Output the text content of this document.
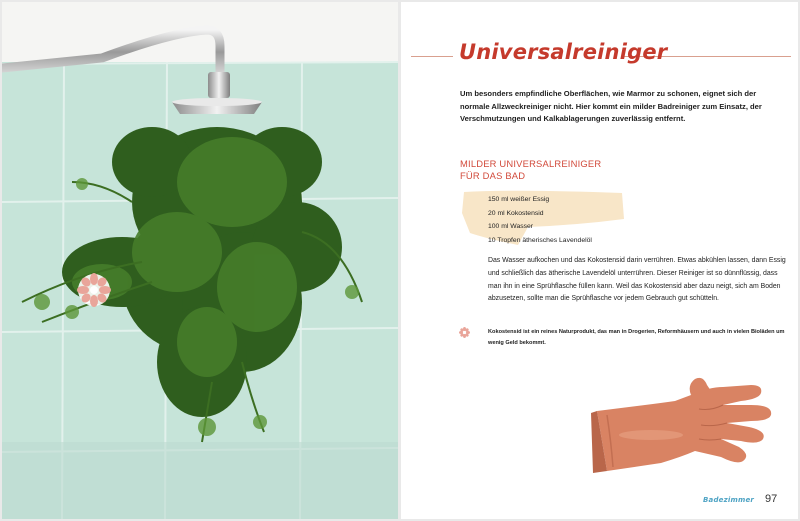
Universalreiniger

Um besonders empfindliche Oberflächen, wie Marmor zu schonen, eignet sich der normale Allzweckreiniger nicht. Hier kommt ein milder Badreiniger zum Einsatz, der Verschmutzungen und Kalkablagerungen zuverlässig entfernt.

MILDER UNIVERSALREINIGER
FÜR DAS BAD
150 ml weißer Essig
20 ml Kokostensid
100 ml Wasser
10 Tropfen ätherisches Lavendelöl

Das Wasser aufkochen und das Kokostensid darin verrühren. Etwas abkühlen lassen, dann Essig und schließlich das ätherische Lavendelöl unterrühren. Dieser Reiniger ist so dünnflüssig, dass man ihn in eine Sprühflasche füllen kann. Weil das Kokostensid aber dazu neigt, sich am Boden abzusetzen, sollte man die Sprühflasche vor jedem Gebrauch gut schütteln.

Kokostensid ist ein reines Naturprodukt, das man in Drogerien, Reformhäusern und auch in vielen Bioläden um wenig Geld bekommt.

Badezimmer 97
